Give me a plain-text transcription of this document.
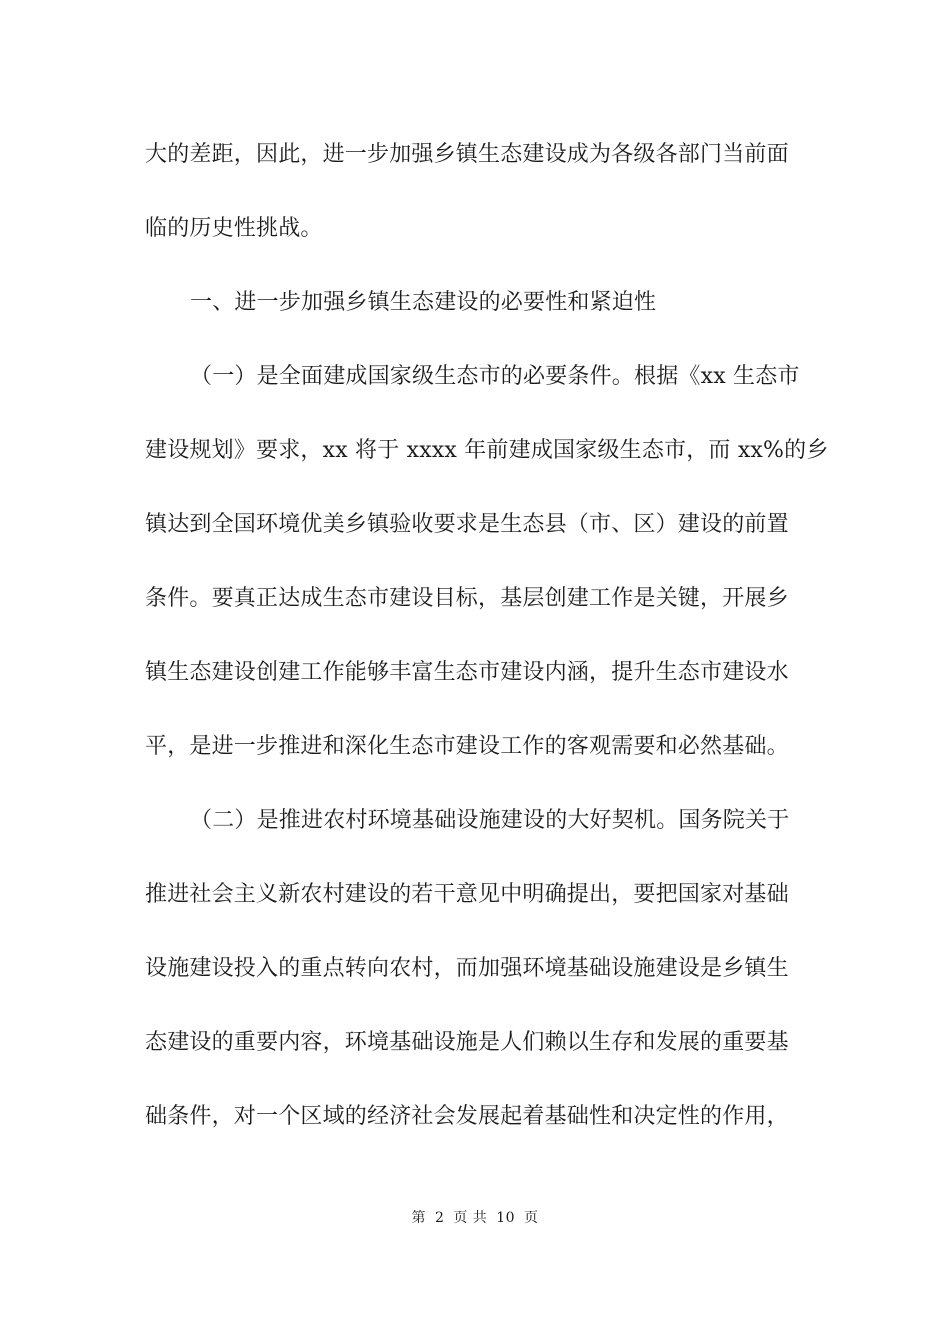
大的差距，因此，进一步加强乡镇生态建设成为各级各部门当前面
临的历史性挑战。
一、进一步加强乡镇生态建设的必要性和紧迫性
（一）是全面建成国家级生态市的必要条件。根据《xx 生态市
建设规划》要求，xx 将于 xxxx 年前建成国家级生态市，而 xx%的乡
镇达到全国环境优美乡镇验收要求是生态县（市、区）建设的前置
条件。要真正达成生态市建设目标，基层创建工作是关键，开展乡
镇生态建设创建工作能够丰富生态市建设内涵，提升生态市建设水
平，是进一步推进和深化生态市建设工作的客观需要和必然基础。
（二）是推进农村环境基础设施建设的大好契机。国务院关于
推进社会主义新农村建设的若干意见中明确提出，要把国家对基础
设施建设投入的重点转向农村，而加强环境基础设施建设是乡镇生
态建设的重要内容，环境基础设施是人们赖以生存和发展的重要基
础条件，对一个区域的经济社会发展起着基础性和决定性的作用，
第 2 页 共 10 页
